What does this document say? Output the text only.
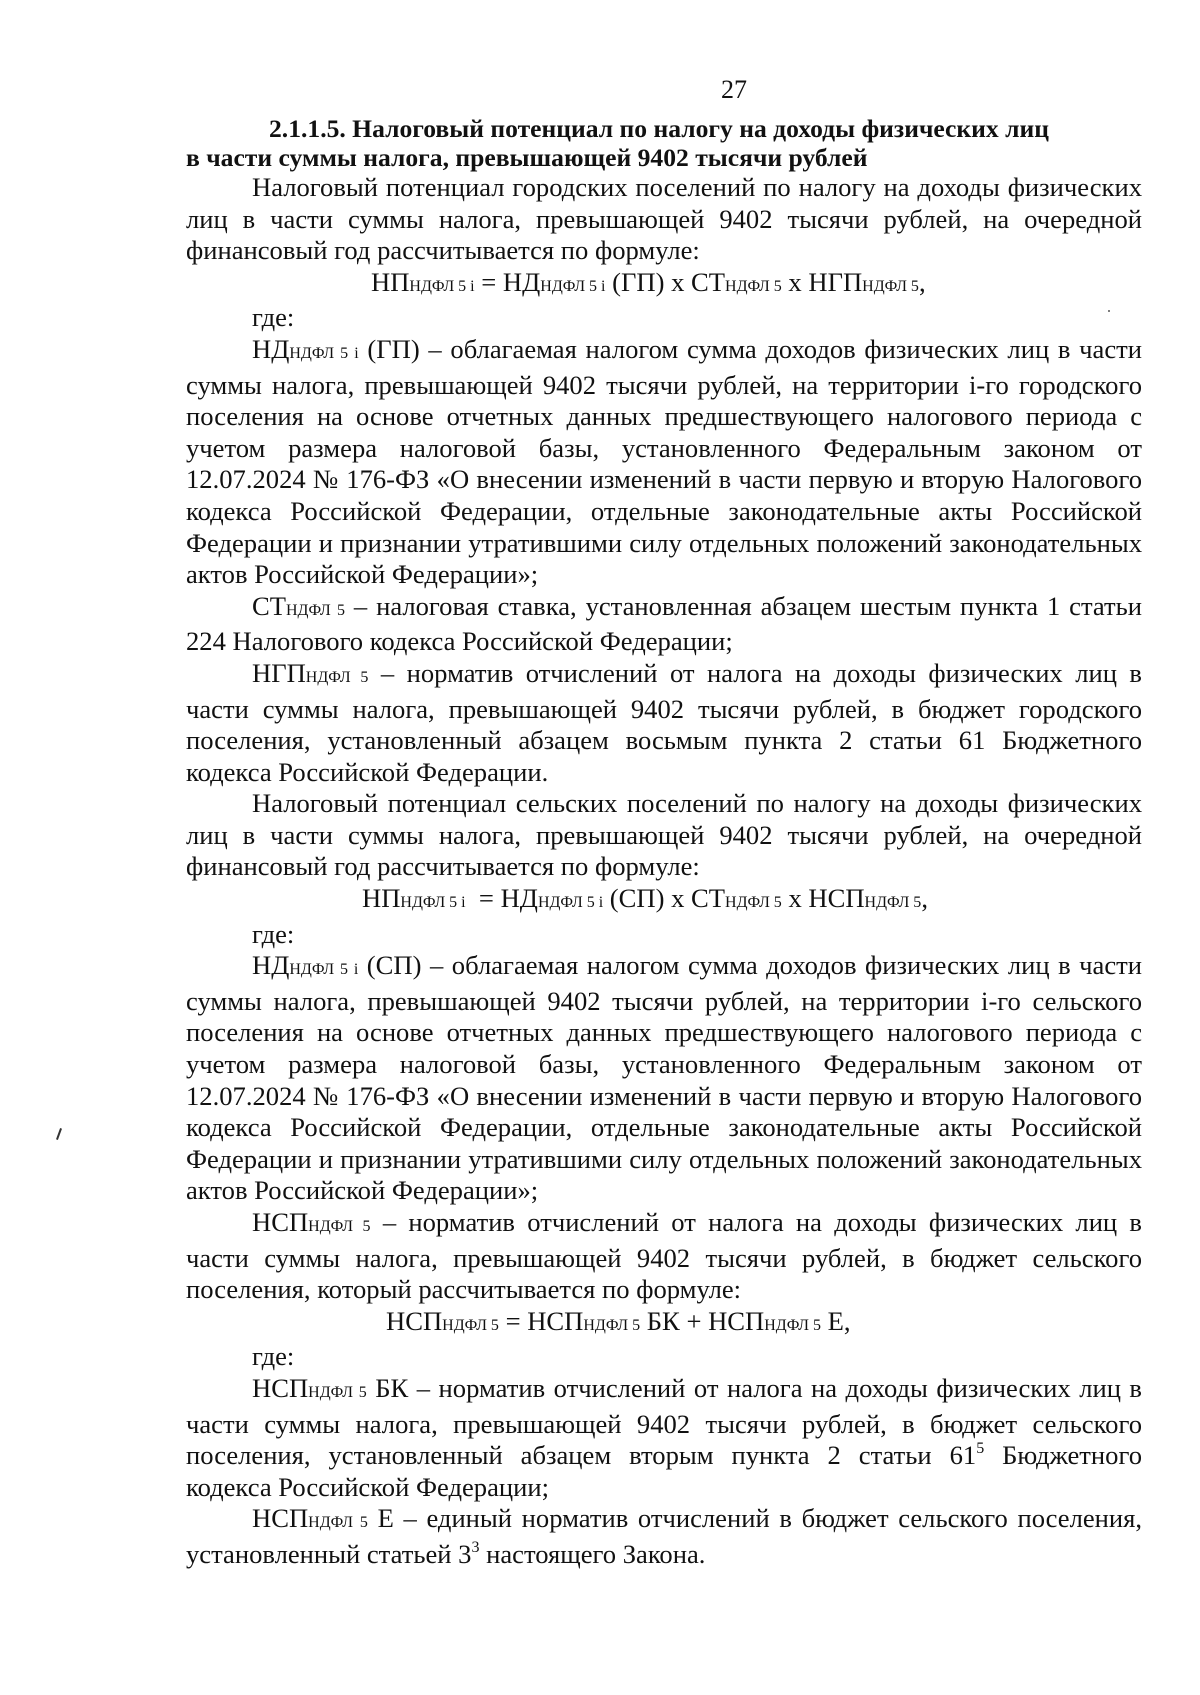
27
2.1.1.5. Налоговый потенциал по налогу на доходы физических лиц
в части суммы налога, превышающей 9402 тысячи рублей

Налоговый потенциал городских поселений по налогу на доходы физических лиц в части суммы налога, превышающей 9402 тысячи рублей, на очередной финансовый год рассчитывается по формуле:

НПНДФЛ 5 i = НДНДФЛ 5 i (ГП) х СТНДФЛ 5 х НГПНДФЛ 5,
где:

НДНДФЛ 5 i (ГП) – облагаемая налогом сумма доходов физических лиц в части суммы налога, превышающей 9402 тысячи рублей, на территории i-го городского поселения на основе отчетных данных предшествующего налогового периода с учетом размера налоговой базы, установленного Федеральным законом от 12.07.2024 № 176-ФЗ «О внесении изменений в части первую и вторую Налогового кодекса Российской Федерации, отдельные законодательные акты Российской Федерации и признании утратившими силу отдельных положений законодательных актов Российской Федерации»;

СТНДФЛ 5 – налоговая ставка, установленная абзацем шестым пункта 1 статьи 224 Налогового кодекса Российской Федерации;

НГПНДФЛ 5 – норматив отчислений от налога на доходы физических лиц в части суммы налога, превышающей 9402 тысячи рублей, в бюджет городского поселения, установленный абзацем восьмым пункта 2 статьи 61 Бюджетного кодекса Российской Федерации.

Налоговый потенциал сельских поселений по налогу на доходы физических лиц в части суммы налога, превышающей 9402 тысячи рублей, на очередной финансовый год рассчитывается по формуле:

НПНДФЛ 5 i  = НДНДФЛ 5 i (СП) х СТНДФЛ 5 х НСПНДФЛ 5,
где:

НДНДФЛ 5 i (СП) – облагаемая налогом сумма доходов физических лиц в части суммы налога, превышающей 9402 тысячи рублей, на территории i-го сельского поселения на основе отчетных данных предшествующего налогового периода с учетом размера налоговой базы, установленного Федеральным законом от 12.07.2024 № 176-ФЗ «О внесении изменений в части первую и вторую Налогового кодекса Российской Федерации, отдельные законодательные акты Российской Федерации и признании утратившими силу отдельных положений законодательных актов Российской Федерации»;

НСПНДФЛ 5 – норматив отчислений от налога на доходы физических лиц в части суммы налога, превышающей 9402 тысячи рублей, в бюджет сельского поселения, который рассчитывается по формуле:

НСПНДФЛ 5 = НСПНДФЛ 5 БК + НСПНДФЛ 5 Е,
где:

НСПНДФЛ 5 БК – норматив отчислений от налога на доходы физических лиц в части суммы налога, превышающей 9402 тысячи рублей, в бюджет сельского поселения, установленный абзацем вторым пункта 2 статьи $61^5$ Бюджетного кодекса Российской Федерации;

НСПНДФЛ 5 Е – единый норматив отчислений в бюджет сельского поселения, установленный статьей $3^3$ настоящего Закона.
